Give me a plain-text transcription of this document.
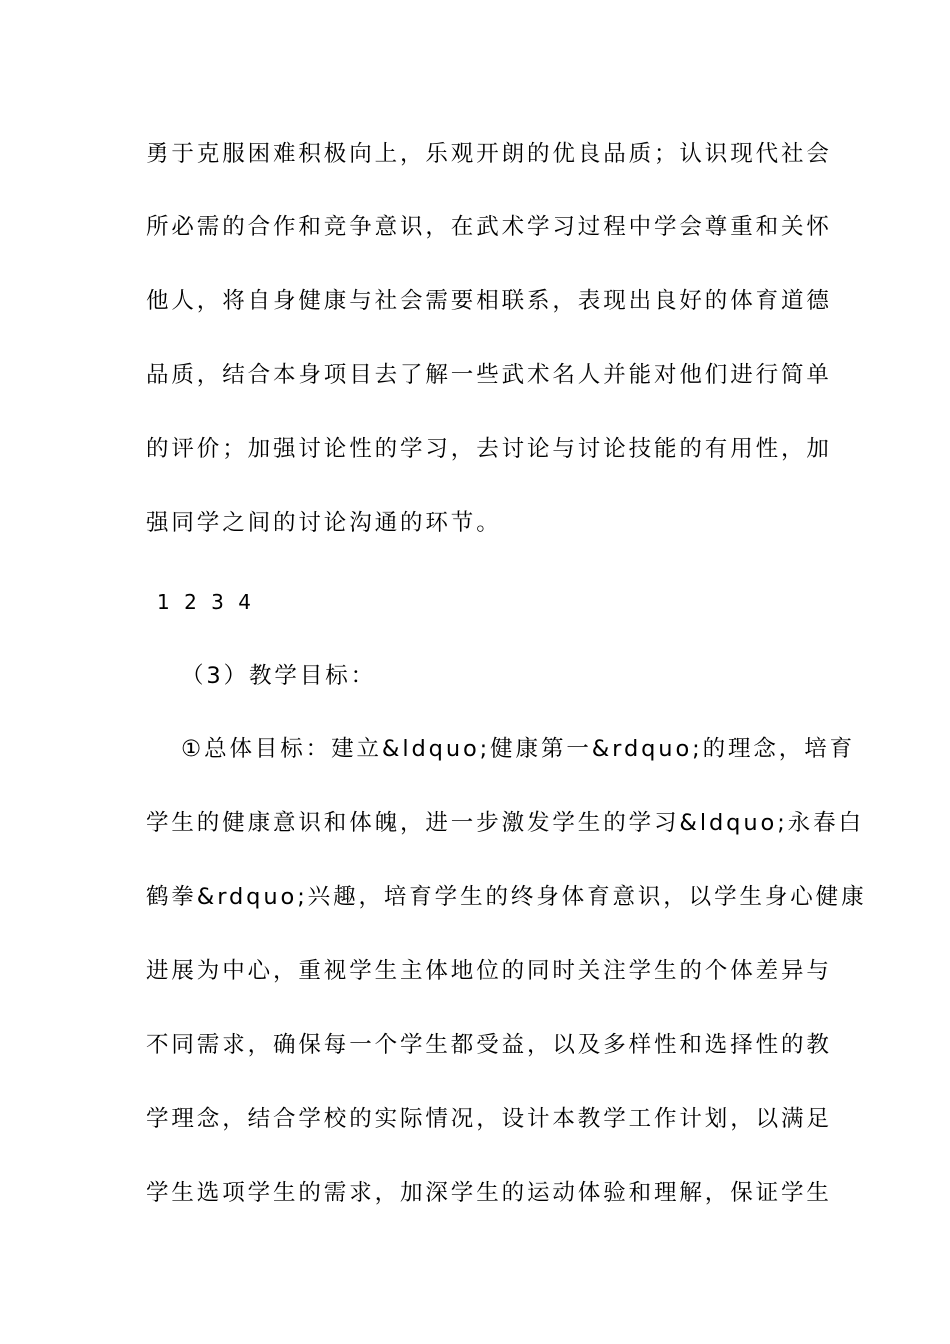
勇于克服困难积极向上，乐观开朗的优良品质；认识现代社会
所必需的合作和竞争意识，在武术学习过程中学会尊重和关怀
他人，将自身健康与社会需要相联系，表现出良好的体育道德
品质，结合本身项目去了解一些武术名人并能对他们进行简单
的评价；加强讨论性的学习，去讨论与讨论技能的有用性，加
强同学之间的讨论沟通的环节。
1 2 3 4
（3）教学目标：
①总体目标：建立&ldquo;健康第一&rdquo;的理念，培育
学生的健康意识和体魄，进一步激发学生的学习&ldquo;永春白
鹤拳&rdquo;兴趣，培育学生的终身体育意识，以学生身心健康
进展为中心，重视学生主体地位的同时关注学生的个体差异与
不同需求，确保每一个学生都受益，以及多样性和选择性的教
学理念，结合学校的实际情况，设计本教学工作计划，以满足
学生选项学生的需求，加深学生的运动体验和理解，保证学生
